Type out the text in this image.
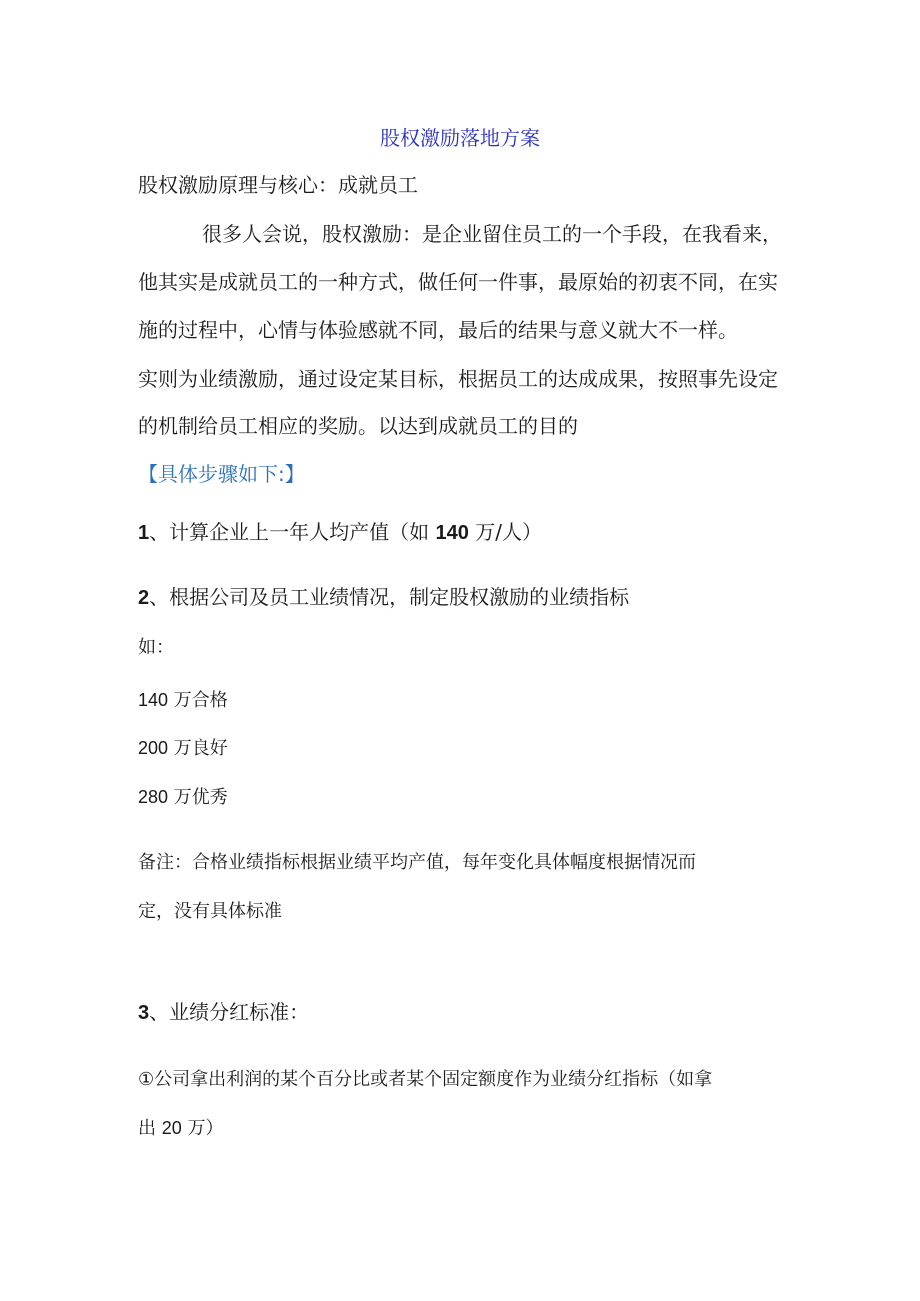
股权激励落地方案
股权激励原理与核心：成就员工
很多人会说，股权激励：是企业留住员工的一个手段，在我看来，
他其实是成就员工的一种方式，做任何一件事，最原始的初衷不同，在实
施的过程中，心情与体验感就不同，最后的结果与意义就大不一样。
实则为业绩激励，通过设定某目标，根据员工的达成成果，按照事先设定
的机制给员工相应的奖励。以达到成就员工的目的
【具体步骤如下:】
1、计算企业上一年人均产值（如 140 万/人）
2、根据公司及员工业绩情况，制定股权激励的业绩指标
如：
140 万合格
200 万良好
280 万优秀
备注：合格业绩指标根据业绩平均产值，每年变化具体幅度根据情况而
定，没有具体标准
3、业绩分红标准：
①公司拿出利润的某个百分比或者某个固定额度作为业绩分红指标（如拿
出 20 万）
